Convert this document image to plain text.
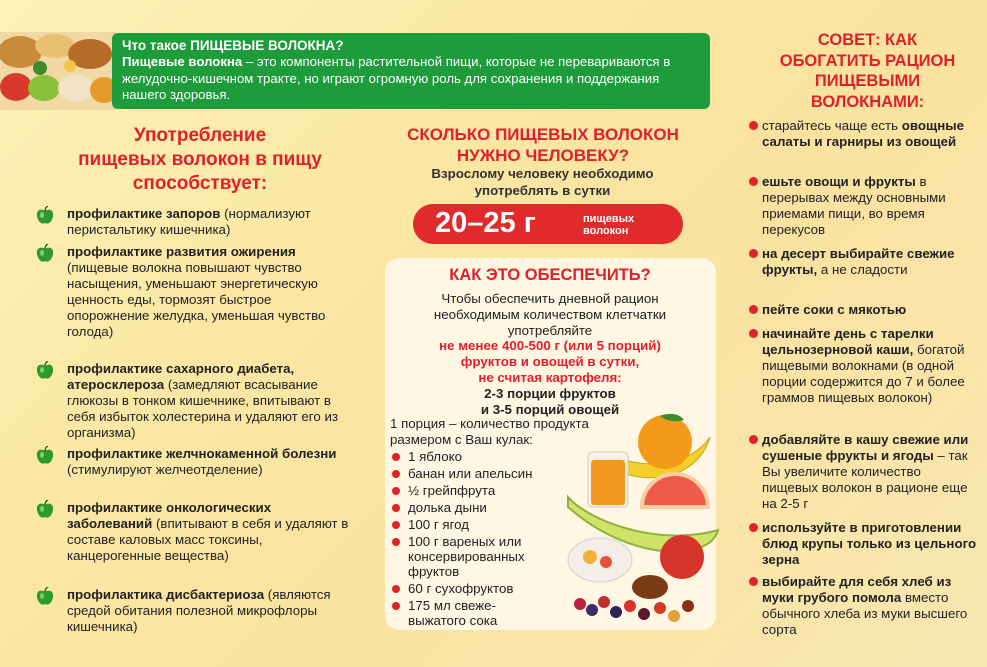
Что такое ПИЩЕВЫЕ ВОЛОКНА?
Пищевые волокна – это компоненты растительной пищи, которые не перевариваются в желудочно-кишечном тракте, но играют огромную роль для сохранения и поддержания нашего здоровья.
Употребление
пищевых волокон в пищу
способствует:
профилактике запоров (нормализуют перистальтику кишечника)
профилактике развития ожирения (пищевые волокна повышают чувство насыщения, уменьшают энергетическую ценность еды, тормозят быстрое опорожнение желудка, уменьшая чувство голода)
профилактике сахарного диабета, атеросклероза (замедляют всасывание глюкозы в тонком кишечнике, впитывают в себя избыток холестерина и удаляют его из организма)
профилактике желчнокаменной болезни (стимулируют желчеотделение)
профилактике онкологических заболеваний (впитывают в себя и удаляют в составе каловых масс токсины, канцерогенные вещества)
профилактика дисбактериоза (являются средой обитания полезной микрофлоры кишечника)
СКОЛЬКО ПИЩЕВЫХ ВОЛОКОН
НУЖНО ЧЕЛОВЕКУ?
Взрослому человеку необходимо
употреблять в сутки
20–25 г	пищевых
волокон
КАК ЭТО ОБЕСПЕЧИТЬ?
Чтобы обеспечить дневной рацион
необходимым количеством клетчатки
употребляйте
не менее 400-500 г (или 5 порций)
фруктов и овощей в сутки,
не считая картофеля:
2-3 порции фруктов
и 3-5 порций овощей
1 порция – количество продукта
размером с Ваш кулак:
1 яблоко
банан или апельсин
½ грейпфрута
долька дыни
100 г ягод
100 г вареных или
консервированных
фруктов
60 г сухофруктов
175 мл свеже-
выжатого сока
СОВЕТ: КАК
ОБОГАТИТЬ РАЦИОН
ПИЩЕВЫМИ
ВОЛОКНАМИ:
старайтесь чаще есть овощные салаты и гарниры из овощей
ешьте овощи и фрукты в перерывах между основными приемами пищи, во время перекусов
на десерт выбирайте свежие фрукты, а не сладости
пейте соки с мякотью
начинайте день с тарелки цельнозерновой каши, богатой пищевыми волокнами (в одной порции содержится до 7 и более граммов пищевых волокон)
добавляйте в кашу свежие или сушеные фрукты и ягоды – так Вы увеличите количество пищевых волокон в рационе еще на 2-5 г
используйте в приготовлении блюд крупы только из цельного зерна
выбирайте для себя хлеб из муки грубого помола вместо обычного хлеба из муки высшего сорта
